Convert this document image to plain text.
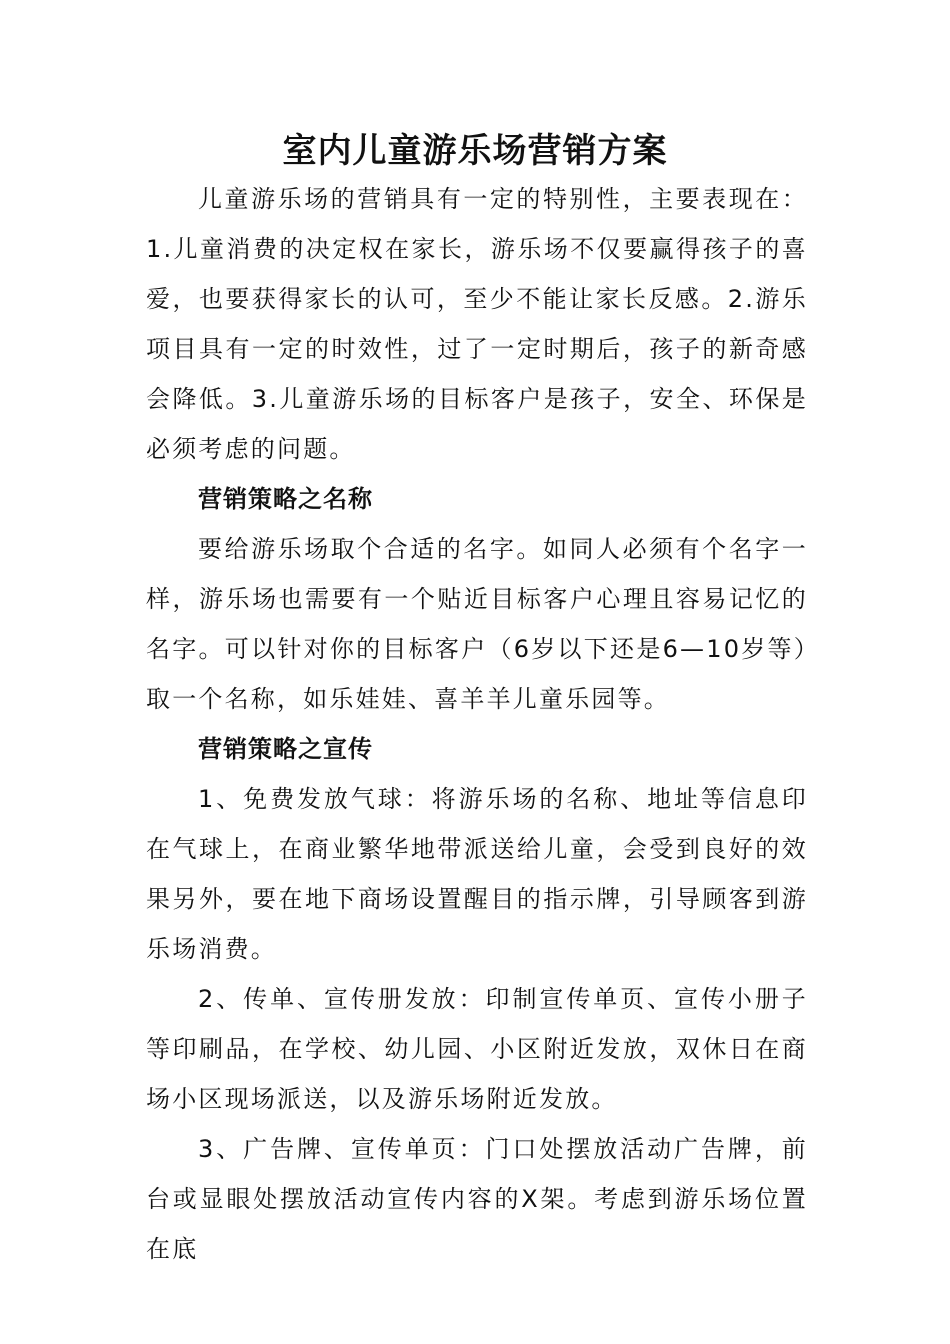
室内儿童游乐场营销方案

儿童游乐场的营销具有一定的特别性，主要表现在：1.儿童消费的决定权在家长，游乐场不仅要赢得孩子的喜爱，也要获得家长的认可，至少不能让家长反感。2.游乐项目具有一定的时效性，过了一定时期后，孩子的新奇感会降低。3.儿童游乐场的目标客户是孩子，安全、环保是必须考虑的问题。

营销策略之名称

要给游乐场取个合适的名字。如同人必须有个名字一样，游乐场也需要有一个贴近目标客户心理且容易记忆的名字。可以针对你的目标客户（6岁以下还是6—10岁等）取一个名称，如乐娃娃、喜羊羊儿童乐园等。

营销策略之宣传

1、免费发放气球：将游乐场的名称、地址等信息印在气球上，在商业繁华地带派送给儿童，会受到良好的效果另外，要在地下商场设置醒目的指示牌，引导顾客到游乐场消费。

2、传单、宣传册发放：印制宣传单页、宣传小册子等印刷品，在学校、幼儿园、小区附近发放，双休日在商场小区现场派送，以及游乐场附近发放。

3、广告牌、宣传单页：门口处摆放活动广告牌，前台或显眼处摆放活动宣传内容的X架。考虑到游乐场位置在底
